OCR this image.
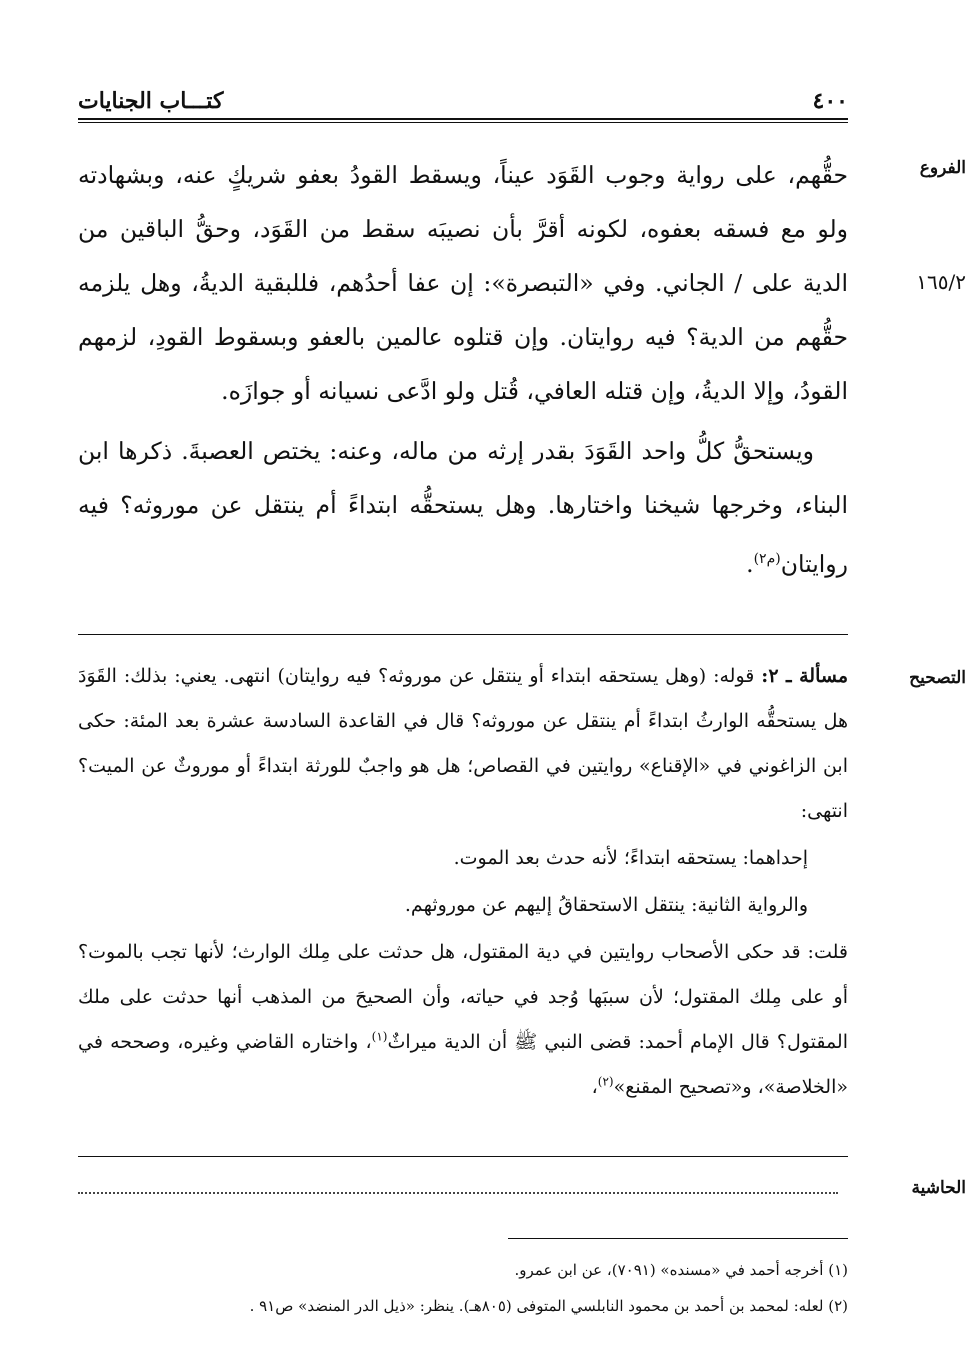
٤٠٠
كتـــاب الجنايات
الفروع
١٦٥/٢
التصحيح
الحاشية

حقُّهم، على رواية وجوب القَوَد عيناً، ويسقط القودُ بعفو شريكٍ عنه، وبشهادته ولو مع فسقه بعفوه، لكونه أقرَّ بأن نصيبَه سقط من القَوَد، وحقُّ الباقين من الدية على / الجاني. وفي «التبصرة»: إن عفا أحدُهم، فللبقية الديةُ، وهل يلزمه حقُّهم من الدية؟ فيه روايتان. وإن قتلوه عالمين بالعفو وبسقوط القودِ، لزمهم القودُ، وإلا الديةُ، وإن قتله العافي، قُتل ولو ادَّعى نسيانه أو جوازَه.

ويستحقُّ كلُّ واحد القَوَدَ بقدر إرثه من ماله، وعنه: يختص العصبةَ. ذكرها ابن البناء، وخرجها شيخنا واختارها. وهل يستحقُّه ابتداءً أم ينتقل عن موروثه؟ فيه روايتان$^{(م٢)}$.

مسألة ـ ٢: قوله: (وهل يستحقه ابتداء أو ينتقل عن موروثه؟ فيه روايتان) انتهى. يعني: بذلك: القَوَدَ هل يستحقُّه الوارثُ ابتداءً أم ينتقل عن موروثه؟ قال في القاعدة السادسة عشرة بعد المئة: حكى ابن الزاغوني في «الإقناع» روايتين في القصاص؛ هل هو واجبٌ للورثة ابتداءً أو موروثٌ عن الميت؟ انتهى:

إحداهما: يستحقه ابتداءً؛ لأنه حدث بعد الموت.

والرواية الثانية: ينتقل الاستحقاقُ إليهم عن موروثهم.

قلت: قد حكى الأصحاب روايتين في دية المقتول، هل حدثت على مِلك الوارث؛ لأنها تجب بالموت؟ أو على مِلك المقتول؛ لأن سببَها وُجد في حياته، وأن الصحيحَ من المذهب أنها حدثت على ملك المقتول؟ قال الإمام أحمد: قضى النبي ﷺ أن الدية ميراثٌ$^{(١)}$، واختاره القاضي وغيره، وصححه في «الخلاصة»، و«تصحيح المقنع»$^{(٢)}$،

(١) أخرجه أحمد في «مسنده» (٧٠٩١)، عن ابن عمرو.

(٢) لعله: لمحمد بن أحمد بن محمود النابلسي المتوفى (٨٠٥هـ). ينظر: «ذيل الدر المنضد» ص٩١ .
